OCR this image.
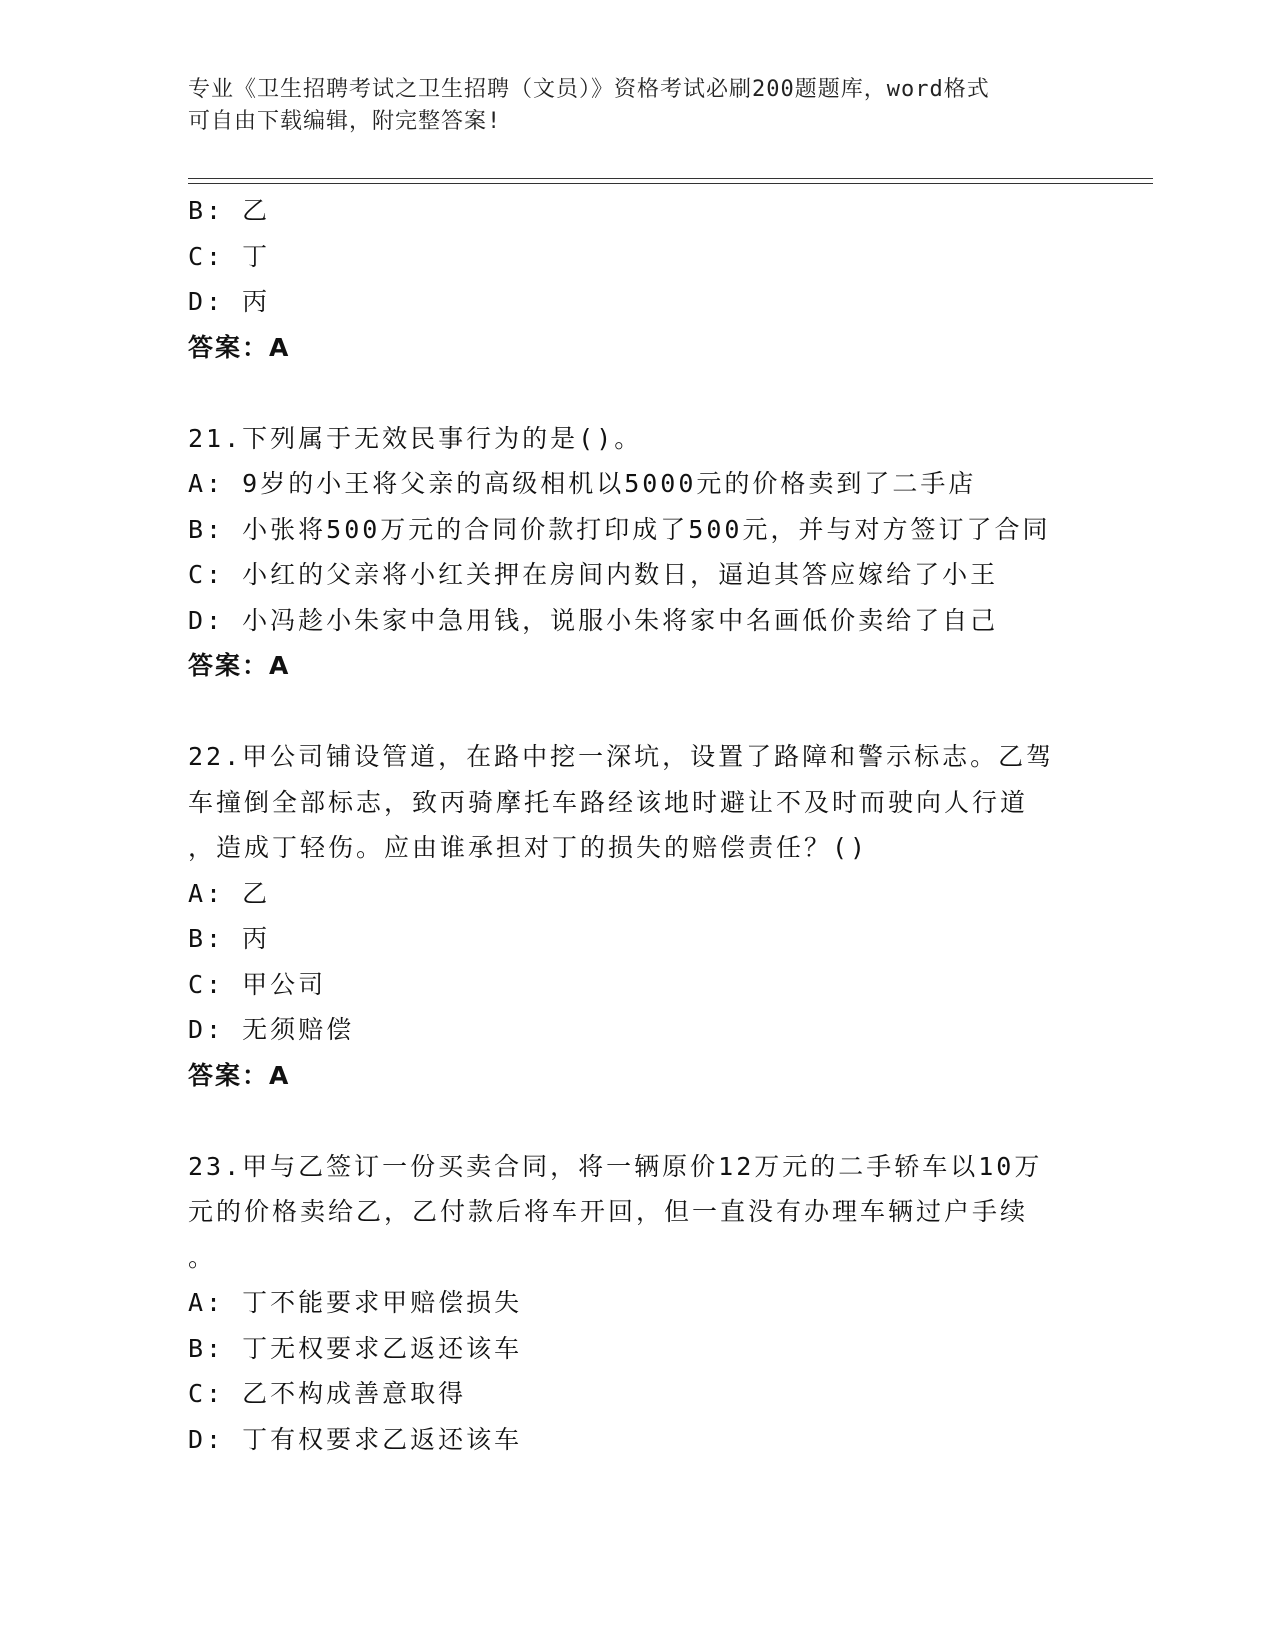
专业《卫生招聘考试之卫生招聘（文员）》资格考试必刷200题题库，word格式
可自由下载编辑，附完整答案!
B: 乙
C: 丁
D: 丙
答案：A
21.下列属于无效民事行为的是()。
A: 9岁的小王将父亲的高级相机以5000元的价格卖到了二手店
B: 小张将500万元的合同价款打印成了500元，并与对方签订了合同
C: 小红的父亲将小红关押在房间内数日，逼迫其答应嫁给了小王
D: 小冯趁小朱家中急用钱，说服小朱将家中名画低价卖给了自己
答案：A
22.甲公司铺设管道，在路中挖一深坑，设置了路障和警示标志。乙驾
车撞倒全部标志，致丙骑摩托车路经该地时避让不及时而驶向人行道
，造成丁轻伤。应由谁承担对丁的损失的赔偿责任？()
A: 乙
B: 丙
C: 甲公司
D: 无须赔偿
答案：A
23.甲与乙签订一份买卖合同，将一辆原价12万元的二手轿车以10万
元的价格卖给乙，乙付款后将车开回，但一直没有办理车辆过户手续
。
A: 丁不能要求甲赔偿损失
B: 丁无权要求乙返还该车
C: 乙不构成善意取得
D: 丁有权要求乙返还该车
